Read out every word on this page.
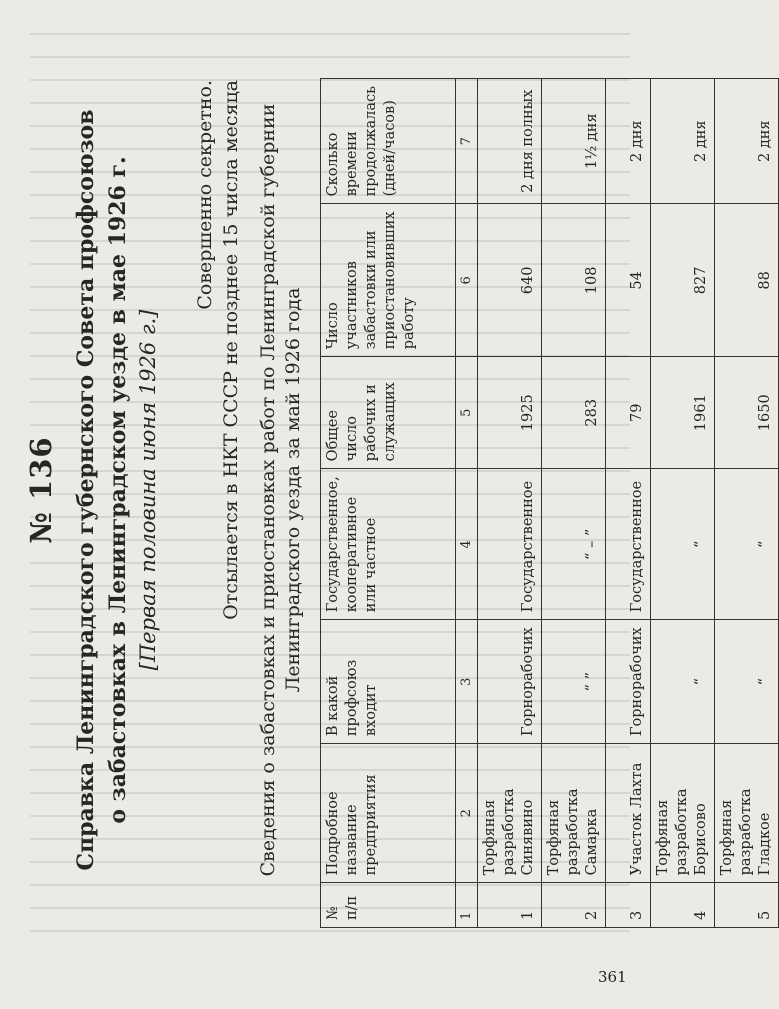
№ 136 Справка Ленинградского губернского Совета профсоюзов о забастовках в Ленинградском уезде в мае 1926 г. [Первая половина июня 1926 г.]
Совершенно секретно. Отсылается в НКТ СССР не позднее 15 числа месяца Сведения о забастовках и приостановках работ по Ленинградской губернии Ленинградского уезда за май 1926 года
№ п/п	Подробное название предприятия	В какой профсоюз входит	Государственное, кооперативное или частное	Общее число рабочих и служащих	Число участников забастовки или приостановивших работу	Сколько времени продолжалась (дней/часов)
1	2	3	4	5	6	7
1	Торфяная разработка Синявино	Горнорабочих	Государственное	1925	640	2 дня полных
2	Торфяная разработка Самарка	“ ”	“ – ”	283	108	1½ дня
3	Участок Лахта	Горнорабочих	Государственное	79	54	2 дня
4	Торфяная разработка Борисово	“	“	1961	827	2 дня
5	Торфяная разработка Гладкое	“	“	1650	88	2 дня
361
